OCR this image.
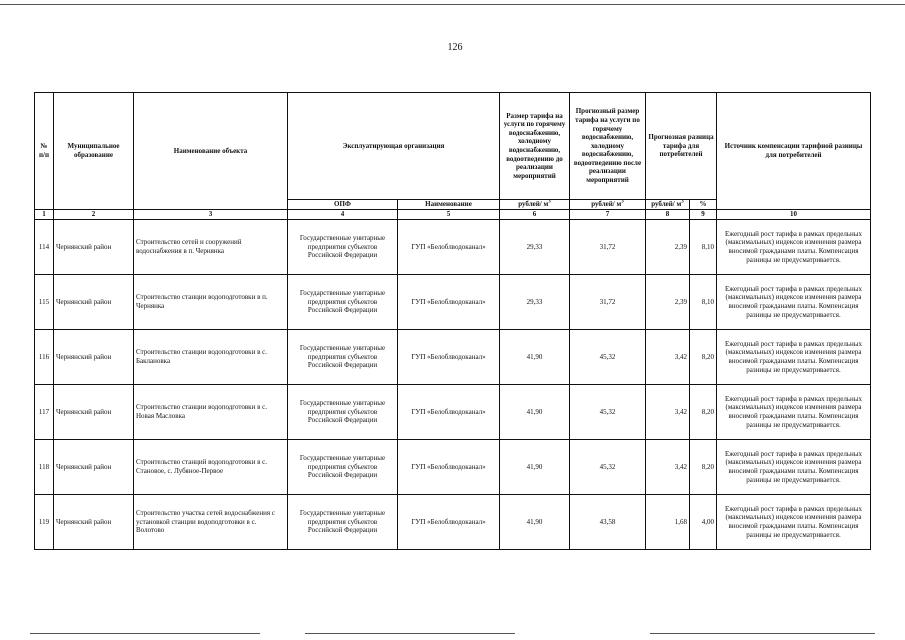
126
№ п/п	Муниципальное образование	Наименование объекта	Эксплуатирующая организация		Размер тарифа на услуги по горячему водоснабжению, холодному водоснабжению, водоотведению до реализации мероприятий	Прогнозный размер тарифа на услуги по горячему водоснабжению, холодному водоснабжению, водоотведению после реализации мероприятий	Прогнозная разница тарифа для потребителей		Источник компенсации тарифной разницы для потребителей
			ОПФ	Наименование	рублей/ $м^3$	рублей/ $м^3$	рублей/ $м^3$	%	
1	2	3	4	5	6	7	8	9	10
114	Чернянский район	Строительство сетей и сооружений водоснабжения в п. Чернянка	Государственные унитарные предприятия субъектов Российской Федерации	ГУП «Белоблводоканал»	29,33	31,72	2,39	8,10	Ежегодный рост тарифа в рамках предельных (максимальных) индексов изменения размера вносимой гражданами платы. Компенсация разницы не предусматривается.
115	Чернянский район	Строительство станции водоподготовки в п. Чернянка	Государственные унитарные предприятия субъектов Российской Федерации	ГУП «Белоблводоканал»	29,33	31,72	2,39	8,10	Ежегодный рост тарифа в рамках предельных (максимальных) индексов изменения размера вносимой гражданами платы. Компенсация разницы не предусматривается.
116	Чернянский район	Строительство станции водоподготовки в с. Баклановка	Государственные унитарные предприятия субъектов Российской Федерации	ГУП «Белоблводоканал»	41,90	45,32	3,42	8,20	Ежегодный рост тарифа в рамках предельных (максимальных) индексов изменения размера вносимой гражданами платы. Компенсация разницы не предусматривается.
117	Чернянский район	Строительство станции водоподготовки в с. Новая Масловка	Государственные унитарные предприятия субъектов Российской Федерации	ГУП «Белоблводоканал»	41,90	45,32	3,42	8,20	Ежегодный рост тарифа в рамках предельных (максимальных) индексов изменения размера вносимой гражданами платы. Компенсация разницы не предусматривается.
118	Чернянский район	Строительство станций водоподготовки в с. Становое, с. Лубяное-Первое	Государственные унитарные предприятия субъектов Российской Федерации	ГУП «Белоблводоканал»	41,90	45,32	3,42	8,20	Ежегодный рост тарифа в рамках предельных (максимальных) индексов изменения размера вносимой гражданами платы. Компенсация разницы не предусматривается.
119	Чернянский район	Строительство участка сетей водоснабжения с установкой станции водоподготовки в с. Волотово	Государственные унитарные предприятия субъектов Российской Федерации	ГУП «Белоблводоканал»	41,90	43,58	1,68	4,00	Ежегодный рост тарифа в рамках предельных (максимальных) индексов изменения размера вносимой гражданами платы. Компенсация разницы не предусматривается.
